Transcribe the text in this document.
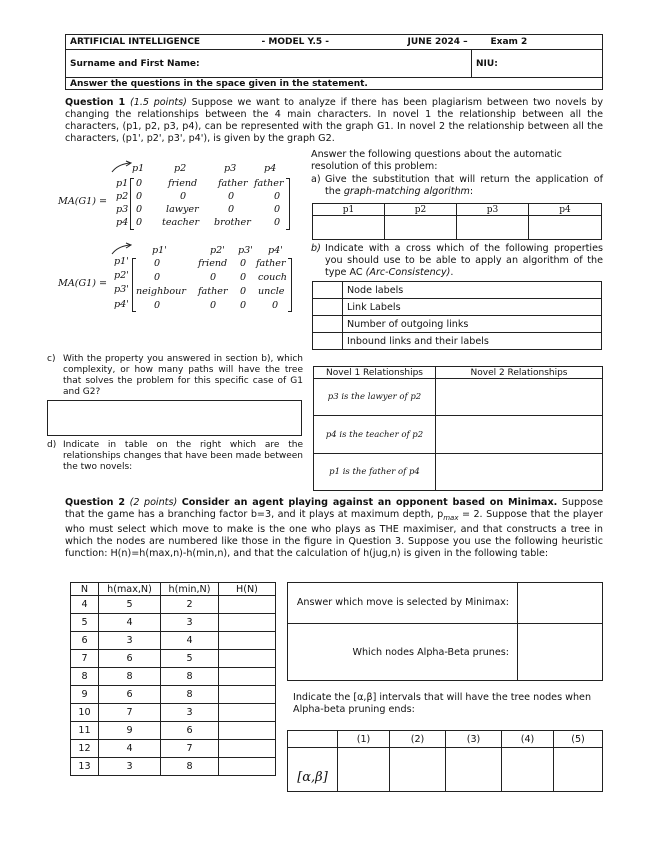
ARTIFICIAL INTELLIGENCE	- MODEL Y.5 -	JUNE 2024 –	Exam 2

Surname and First Name:	NIU:
Answer the questions in the space given in the statement.
Question 1 (1.5 points) Suppose we want to analyze if there has been plagiarism between two novels by changing the relationships between the 4 main characters. In novel 1 the relationship between all the characters, (p1, p2, p3, p4), can be represented with the graph G1. In novel 2 the relationship between all the characters, (p1', p2', p3', p4'), is given by the graph G2.
MA(G1) =
p1	p2	p3	p4
p1
p2
p3
p4
0	friend father father
0	0	0	0
0 lawyer	0	0
0 teacher brother 0
MA(G1) =
p1'	p2' p3' p4'
p1'
p2'
p3'
p4'
0	friend 0 father
0	0 0 couch
neighbour father 0 uncle
0	0 0	0
Answer the following questions about the automatic resolution of this problem:
a) Give the substitution that will return the application of the graph-matching algorithm:
p1	p2	p3	p4

b) Indicate with a cross which of the following properties you should use to be able to apply an algorithm of the type AC (Arc-Consistency).
	Node labels
	Link Labels
	Number of outgoing links
	Inbound links and their labels
c) With the property you answered in section b), which complexity, or how many paths will have the tree that solves the problem for this specific case of G1 and G2?
d) Indicate in table on the right which are the relationships changes that have been made between the two novels:
Novel 1 Relationships	Novel 2 Relationships
p3 is the lawyer of p2	
p4 is the teacher of p2	
p1 is the father of p4	
Question 2 (2 points) Consider an agent playing against an opponent based on Minimax. Suppose that the game has a branching factor b=3, and it plays at maximum depth, $p_{max} = 2$. Suppose that the player who must select which move to make is the one who plays as THE maximiser, and that constructs a tree in which the nodes are numbered like those in the figure in Question 3. Suppose you use the following heuristic function: H(n)=h(max,n)-h(min,n), and that the calculation of h(jug,n) is given in the following table:
N	h(max,N)	h(min,N)	H(N)
4	5	2	
5	4	3	
6	3	4	
7	6	5	
8	8	8	
9	6	8	
10	7	3	
11	9	6	
12	4	7	
13	3	8	
Answer which move is selected by Minimax:	
Which nodes Alpha-Beta prunes:	
Indicate the [α,β] intervals that will have the tree nodes when Alpha-beta pruning ends:
	(1)	(2)	(3)	(4)	(5)
[α,β]					
